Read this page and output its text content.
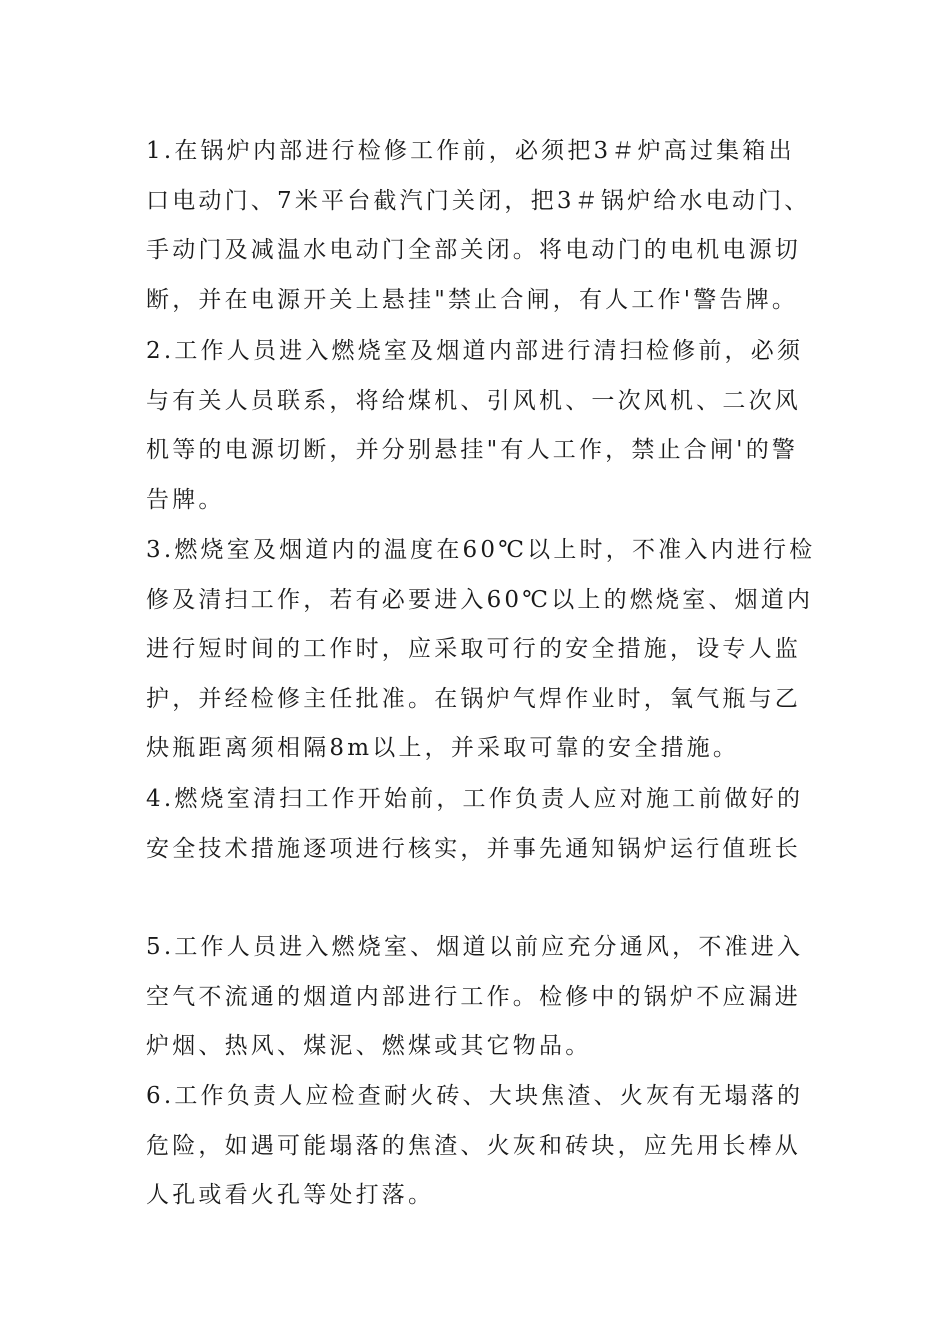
1.在锅炉内部进行检修工作前，必须把3＃炉高过集箱出
口电动门、7米平台截汽门关闭，把3＃锅炉给水电动门、
手动门及减温水电动门全部关闭。将电动门的电机电源切
断，并在电源开关上悬挂"禁止合闸，有人工作'警告牌。
2.工作人员进入燃烧室及烟道内部进行清扫检修前，必须
与有关人员联系，将给煤机、引风机、一次风机、二次风
机等的电源切断，并分别悬挂"有人工作，禁止合闸'的警
告牌。
3.燃烧室及烟道内的温度在60℃以上时，不准入内进行检
修及清扫工作，若有必要进入60℃以上的燃烧室、烟道内
进行短时间的工作时，应采取可行的安全措施，设专人监
护，并经检修主任批准。在锅炉气焊作业时，氧气瓶与乙
炔瓶距离须相隔8m以上，并采取可靠的安全措施。
4.燃烧室清扫工作开始前，工作负责人应对施工前做好的
安全技术措施逐项进行核实，并事先通知锅炉运行值班长
5.工作人员进入燃烧室、烟道以前应充分通风，不准进入
空气不流通的烟道内部进行工作。检修中的锅炉不应漏进
炉烟、热风、煤泥、燃煤或其它物品。
6.工作负责人应检查耐火砖、大块焦渣、火灰有无塌落的
危险，如遇可能塌落的焦渣、火灰和砖块，应先用长棒从
人孔或看火孔等处打落。
